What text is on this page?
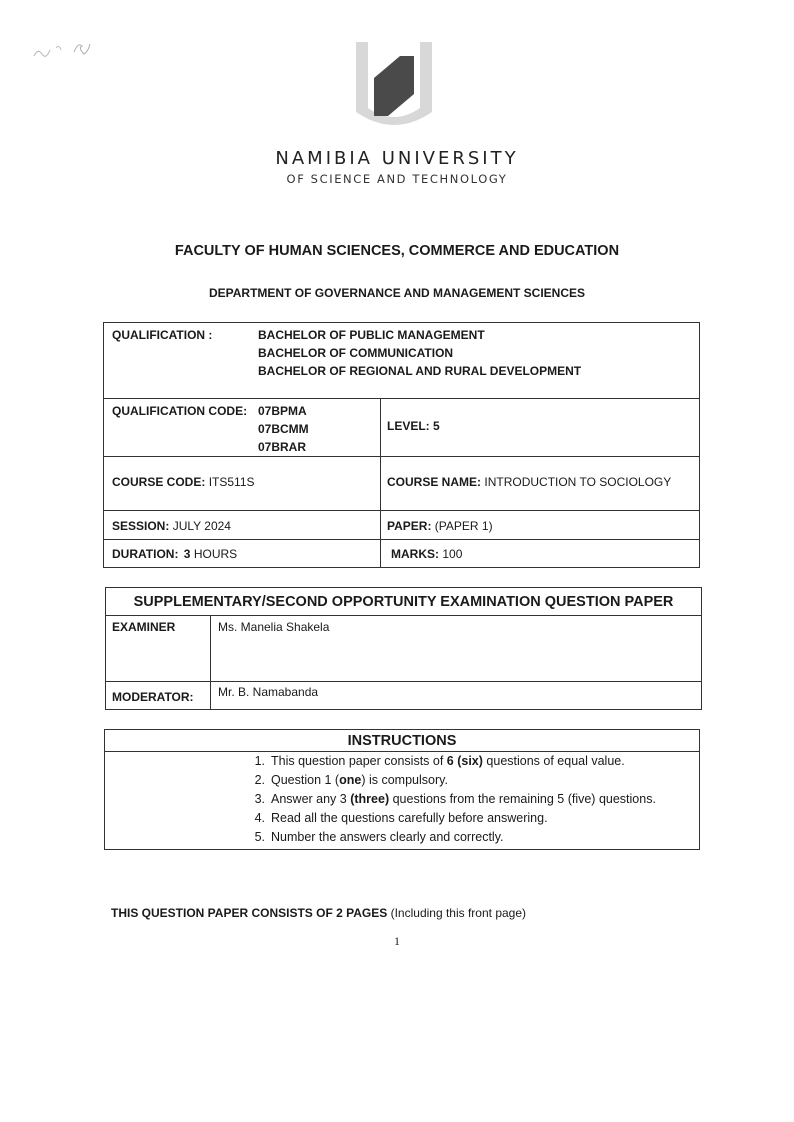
NAMIBIA UNIVERSITY
OF SCIENCE AND TECHNOLOGY
FACULTY OF HUMAN SCIENCES, COMMERCE AND EDUCATION
DEPARTMENT OF GOVERNANCE AND MANAGEMENT SCIENCES
QUALIFICATION :	BACHELOR OF PUBLIC MANAGEMENT
BACHELOR OF COMMUNICATION
BACHELOR OF REGIONAL AND RURAL DEVELOPMENT
QUALIFICATION CODE: 07BPMA
07BCMM
07BRAR
LEVEL: 5
COURSE CODE: ITS511S	COURSE NAME: INTRODUCTION TO SOCIOLOGY
SESSION: JULY 2024	PAPER: (PAPER 1)
DURATION: 3 HOURS	MARKS: 100
SUPPLEMENTARY/SECOND OPPORTUNITY EXAMINATION QUESTION PAPER
EXAMINER	Ms. Manelia Shakela
MODERATOR: Mr. B. Namabanda
INSTRUCTIONS
1. This question paper consists of 6 (six) questions of equal value.
2. Question 1 (one) is compulsory.
3. Answer any 3 (three) questions from the remaining 5 (five) questions.
4. Read all the questions carefully before answering.
5. Number the answers clearly and correctly.
THIS QUESTION PAPER CONSISTS OF 2 PAGES (Including this front page)
1
